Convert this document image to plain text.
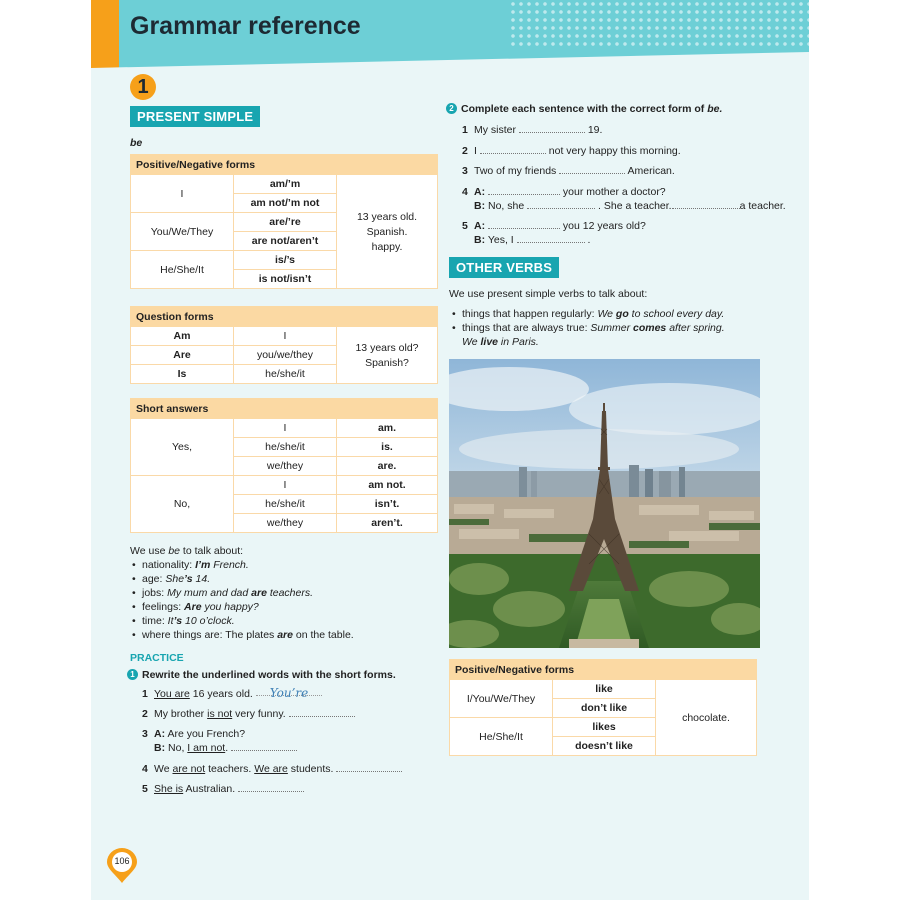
Grammar reference
1
PRESENT SIMPLE
be
Positive/Negative forms		
I	am/’m	13 years old.
Spanish.
happy.

	am not/’m not	
You/We/They	are/’re	
	are not/aren’t	
He/She/It	is/’s	
	is not/isn’t	
Question forms		
Am	I	13 years old?
Spanish?

Are	you/we/they	
Is	he/she/it	
Short answers		
Yes,	I	am.
	he/she/it	is.
	we/they	are.
No,	I	am not.
	he/she/it	isn’t.
	we/they	aren’t.
We use be to talk about:
• nationality: I’m French.
• age: She’s 14.
• jobs: My mum and dad are teachers.
• feelings: Are you happy?
• time: It’s 10 o’clock.
• where things are: The plates are on the table.
PRACTICE
1 Rewrite the underlined words with the short forms.
1 You are 16 years old. You’re
2 My brother is not very funny.
3 A: Are you French?
B: No, I am not.
4 We are not teachers. We are students.
5 She is Australian.
2 Complete each sentence with the correct form of be.
1 My sister	19.
2 I	not very happy this morning.
3 Two of my friends	American.
4 A:	your mother a doctor?
B: No, she	. She a teacher.	a teacher.
5 A:	you 12 years old?
B: Yes, I	.
OTHER VERBS
We use present simple verbs to talk about:
• things that happen regularly: We go to school every day.
• things that are always true: Summer comes after spring.
We live in Paris.
Positive/Negative forms		
I/You/We/They	like	chocolate.
	don’t like	
He/She/It	likes	
	doesn’t like	
106
